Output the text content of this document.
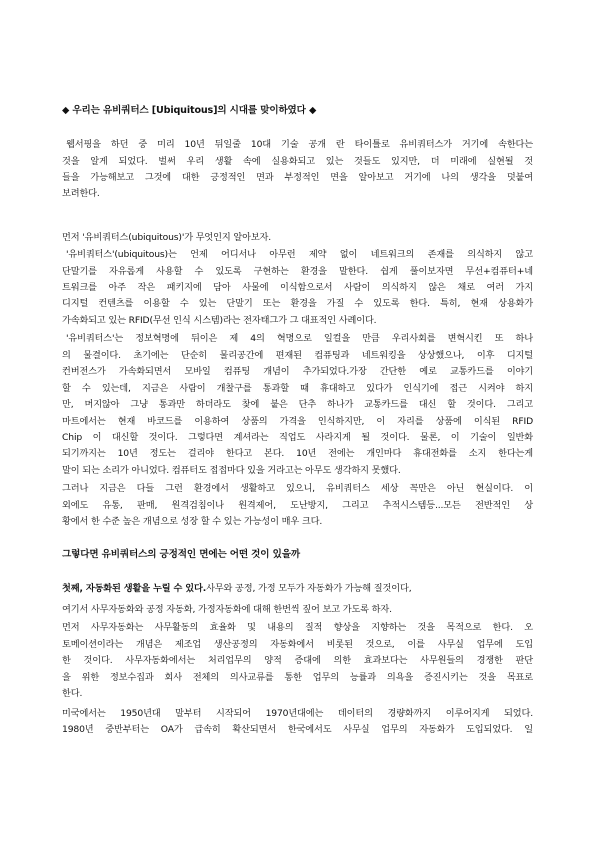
◆ 우리는 유비쿼터스 [Ubiquitous]의 시대를 맞이하였다 ◆
웹서핑을 하던 중 미리 10년 뒤일줄 10대 기술 공개 란 타이틀로 유비쿼터스가 거기에 속한다는
것을 알게 되었다. 벌써 우리 생활 속에 실용화되고 있는 것들도 있지만, 더 미래에 실현될 것
들을 가능해보고 그것에 대한 긍정적인 면과 부정적인 면을 알아보고 거기에 나의 생각을 덧붙여
보려한다.
먼저 '유비쿼터스(ubiquitous)'가 무엇인지 알아보자.
'유비쿼터스'(ubiquitous)는 언제 어디서나 아무런 제약 없이 네트워크의 존재를 의식하지 않고
단말기를 자유롭게 사용할 수 있도록 구현하는 환경을 말한다. 쉽게 풀이보자면 무선+컴퓨터+네
트워크를 아주 작은 패키지에 담아 사물에 이식함으로서 사람이 의식하지 않은 채로 여러 가지
디지털 컨텐츠를 이용할 수 있는 단말기 또는 환경을 가질 수 있도록 한다. 특히, 현재 상용화가
가속화되고 있는 RFID(무선 인식 시스템)라는 전자태그가 그 대표적인 사례이다.
'유비쿼터스'는 정보혁명에 뒤이은 제 4의 혁명으로 일컬을 만큼 우리사회를 변혁시킨 또 하나
의 물결이다. 초기에는 단순히 물리공간에 편재된 컴퓨팅과 네트워킹을 상상했으나, 이후 디지털
컨버전스가 가속화되면서 모바일 컴퓨팅 개념이 추가되었다.가장 간단한 예로 교통카드를 이야기
할 수 있는데, 지금은 사람이 개찰구를 통과할 때 휴대하고 있다가 인식기에 접근 시켜야 하지
만, 머지않아 그냥 통과만 하더라도 찾에 붙은 단추 하나가 교통카드를 대신 할 것이다. 그리고
마트에서는 현재 바코드를 이용하여 상품의 가격을 인식하지만, 이 자리를 상품에 이식된 RFID
Chip 이 대신할 것이다. 그렇다면 계셔라는 직업도 사라지게 될 것이다. 물론, 이 기술이 일반화
되기까지는 10년 정도는 걸리야 한다고 본다. 10년 전에는 개인마다 휴대전화를 소지 한다는게
말이 되는 소리가 아니었다. 컴퓨터도 접접마다 있을 거라고는 아무도 생각하지 못했다.
그러나 지금은 다들 그런 환경에서 생활하고 있으니, 유비쿼터스 세상 꼭만은 아닌 현실이다. 이
외에도 유통, 판매, 원격검침이나 원격제어, 도난방지, 그리고 추적시스템등...모든 전반적인 상
황에서 한 수준 높은 개념으로 성장 할 수 있는 가능성이 매우 크다.
그렇다면 유비쿼터스의 긍정적인 면에는 어떤 것이 있을까
첫째, 자동화된 생활을 누릴 수 있다.사무와 공정, 가정 모두가 자동화가 가능해 질것이다,
여기서 사무자동화와 공정 자동화, 가정자동화에 대해 한번씩 짚어 보고 가도록 하자.
먼저 사무자동화는 사무활동의 효율화 및 내용의 질적 향상을 지향하는 것을 목적으로 한다. 오
토메이션이라는 개념은 제조업 생산공정의 자동화에서 비롯된 것으로, 이를 사무실 업무에 도입
한 것이다. 사무자동화에서는 처리업무의 양적 증대에 의한 효과보다는 사무원들의 경쟁한 판단
을 위한 정보수집과 회사 전체의 의사교류를 통한 업무의 능률과 의욕을 증진시키는 것을 목표로
한다.
미국에서는 1950년대 말부터 시작되어 1970년대에는 데이터의 경량화까지 이루어지게 되었다.
1980년 중반부터는 OA가 급속히 확산되면서 한국에서도 사무실 업무의 자동화가 도입되었다. 일
